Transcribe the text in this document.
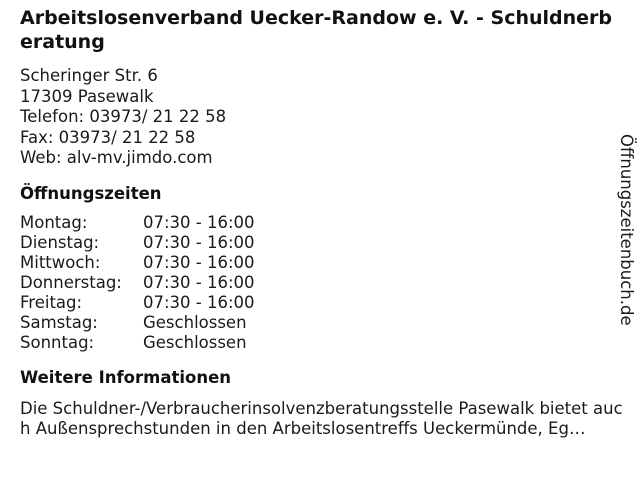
Arbeitslosenverband Uecker-Randow e. V. - Schuldnerberatung
Scheringer Str. 6
17309 Pasewalk
Telefon: 03973/ 21 22 58
Fax: 03973/ 21 22 58
Web: alv-mv.jimdo.com
Öffnungszeiten
Montag:	07:30 - 16:00
Dienstag:	07:30 - 16:00
Mittwoch:	07:30 - 16:00
Donnerstag:	07:30 - 16:00
Freitag:	07:30 - 16:00
Samstag:	Geschlossen
Sonntag:	Geschlossen
Weitere Informationen
Die Schuldner-/Verbraucherinsolvenzberatungsstelle Pasewalk bietet auch Außensprechstunden in den Arbeitslosentreffs Ueckermünde, Eg…
Öffnungszeitenbuch.de
